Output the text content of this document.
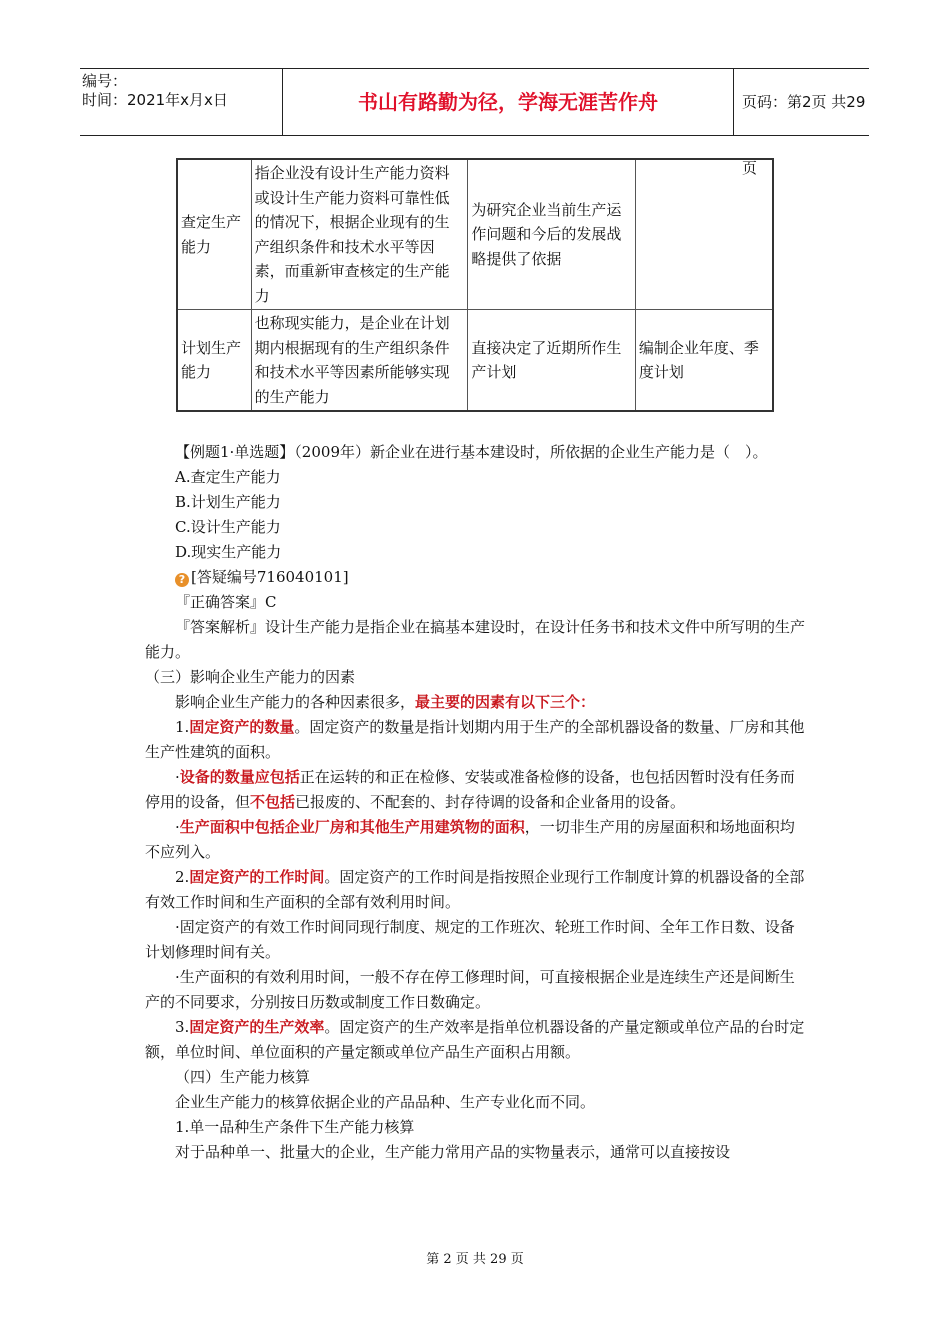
编号：
时间：2021年x月x日	书山有路勤为径，学海无涯苦作舟	页码：第2页 共29页
查定生产能力	指企业没有设计生产能力资料或设计生产能力资料可靠性低的情况下，根据企业现有的生产组织条件和技术水平等因素，而重新审查核定的生产能力	为研究企业当前生产运作问题和今后的发展战略提供了依据	
计划生产能力	也称现实能力，是企业在计划期内根据现有的生产组织条件和技术水平等因素所能够实现的生产能力	直接决定了近期所作生产计划	编制企业年度、季度计划

【例题1·单选题】（2009年）新企业在进行基本建设时，所依据的企业生产能力是（　）。

A.查定生产能力

B.计划生产能力

C.设计生产能力

D.现实生产能力

? [答疑编号716040101]

『正确答案』C

『答案解析』设计生产能力是指企业在搞基本建设时，在设计任务书和技术文件中所写明的生产能力。

（三）影响企业生产能力的因素

影响企业生产能力的各种因素很多，最主要的因素有以下三个：

1.固定资产的数量。固定资产的数量是指计划期内用于生产的全部机器设备的数量、厂房和其他生产性建筑的面积。

·设备的数量应包括正在运转的和正在检修、安装或准备检修的设备，也包括因暂时没有任务而停用的设备，但不包括已报废的、不配套的、封存待调的设备和企业备用的设备。

·生产面积中包括企业厂房和其他生产用建筑物的面积，一切非生产用的房屋面积和场地面积均不应列入。

2.固定资产的工作时间。固定资产的工作时间是指按照企业现行工作制度计算的机器设备的全部有效工作时间和生产面积的全部有效利用时间。

·固定资产的有效工作时间同现行制度、规定的工作班次、轮班工作时间、全年工作日数、设备计划修理时间有关。

·生产面积的有效利用时间，一般不存在停工修理时间，可直接根据企业是连续生产还是间断生产的不同要求，分别按日历数或制度工作日数确定。

3.固定资产的生产效率。固定资产的生产效率是指单位机器设备的产量定额或单位产品的台时定额，单位时间、单位面积的产量定额或单位产品生产面积占用额。

（四）生产能力核算

企业生产能力的核算依据企业的产品品种、生产专业化而不同。

1.单一品种生产条件下生产能力核算

对于品种单一、批量大的企业，生产能力常用产品的实物量表示，通常可以直接按设

第 2 页 共 29 页
